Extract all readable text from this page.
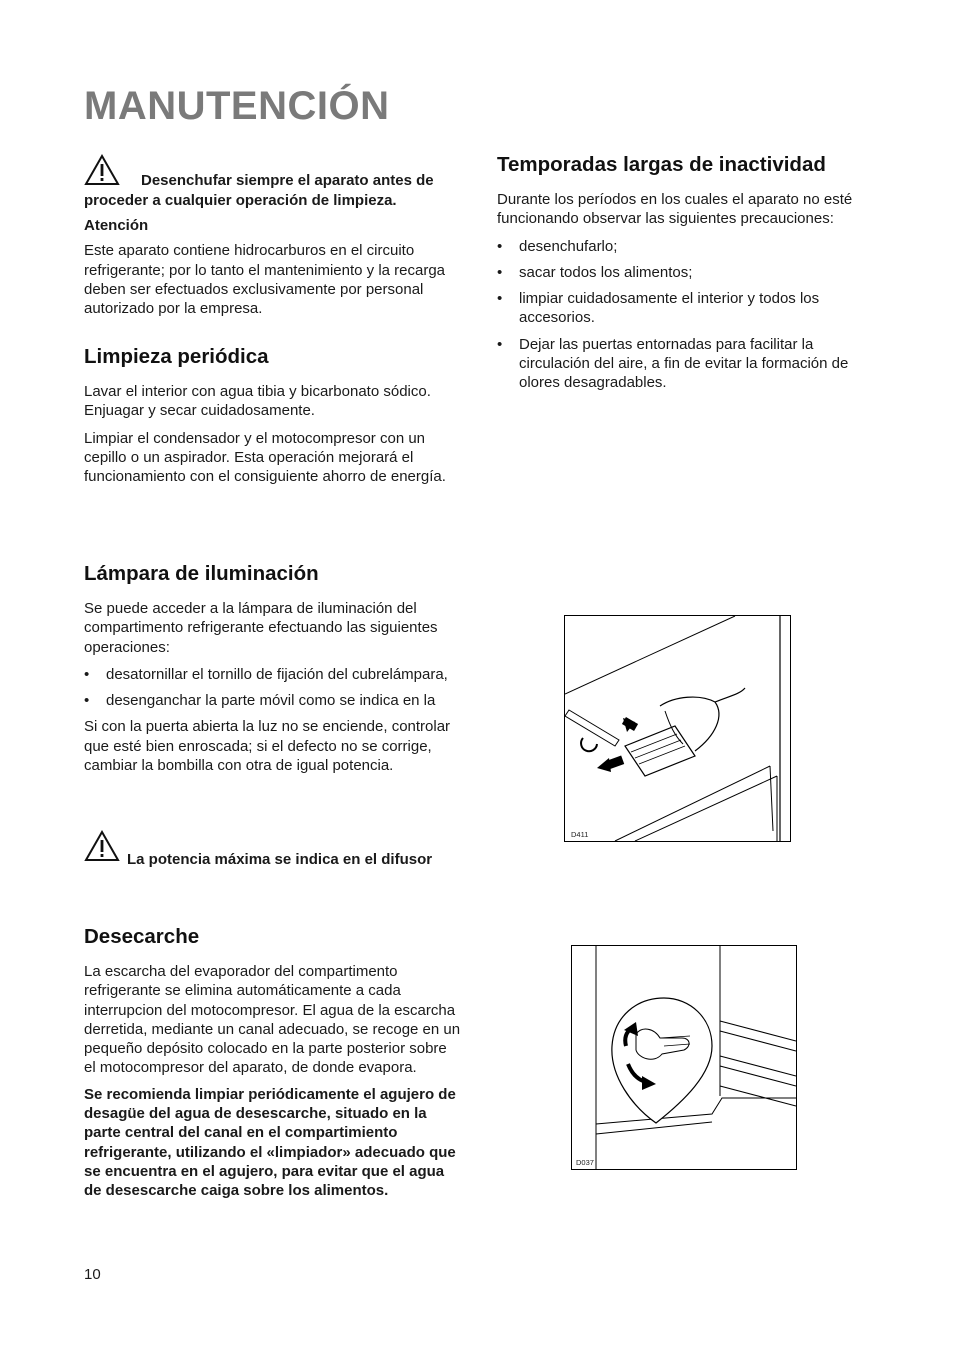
MANUTENCIÓN

Desenchufar siempre el aparato antes de proceder a cualquier operación de limpieza.

Atención

Este aparato contiene hidrocarburos en el circuito refrigerante; por lo tanto el mantenimiento y la recarga deben ser efectuados exclusivamente por personal autorizado por la empresa.

Limpieza periódica

Lavar el interior con agua tibia y bicarbonato sódico. Enjuagar y secar cuidadosamente.

Limpiar el condensador y el motocompresor con un cepillo o un aspirador. Esta operación mejorará el funcionamiento con el consiguiente ahorro de energía.

Temporadas largas de inactividad

Durante los períodos en los cuales el aparato no esté funcionando observar las siguientes precauciones:

• desenchufarlo;
• sacar todos los alimentos;
• limpiar cuidadosamente el interior y todos los accesorios.
• Dejar las puertas entornadas para facilitar la circulación del aire, a fin de evitar la formación de olores desagradables.
Lámpara de iluminación

Se puede acceder a la lámpara de iluminación del compartimento refrigerante efectuando las siguientes operaciones:

• desatornillar el tornillo de fijación del cubrelámpara,
• desenganchar la parte móvil como se indica en la

Si con la puerta abierta la luz no se enciende, controlar que esté bien enroscada; si el defecto no se corrige, cambiar la bombilla con otra de igual potencia.

La potencia máxima se indica en el difusor

Desecarche

La escarcha del evaporador del compartimento refrigerante se elimina automáticamente a cada interrupcion del motocompresor. El agua de la escarcha derretida, mediante un canal adecuado, se recoge en un pequeño depósito colocado en la parte posterior sobre el motocompresor del aparato, de donde evapora.

Se recomienda limpiar periódicamente el agujero de desagüe del agua de desescarche, situado en la parte central del canal en el compartimiento refrigerante, utilizando el «limpiador» adecuado que se encuentra en el agujero, para evitar que el agua de desescarche caiga sobre los alimentos.

D411
D037
10
